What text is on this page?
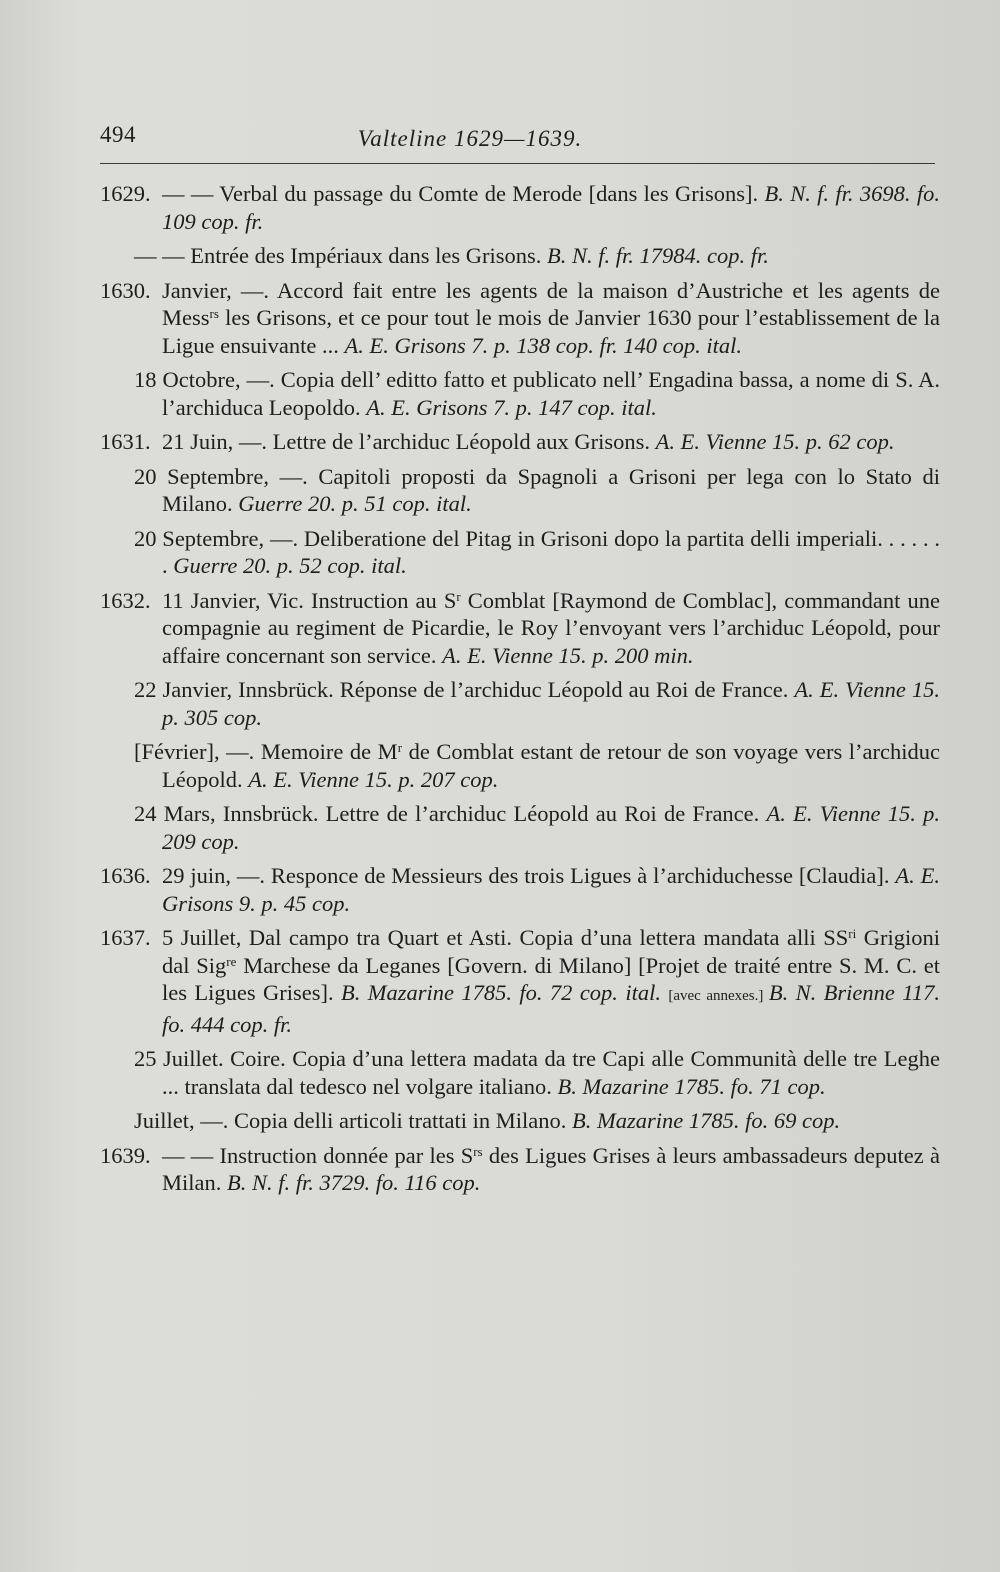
494	Valteline 1629—1639.

1629. — — Verbal du passage du Comte de Merode [dans les Grisons]. B. N. f. fr. 3698. fo. 109 cop. fr.

— — Entrée des Impériaux dans les Grisons. B. N. f. fr. 17984. cop. fr.

1630. Janvier, —. Accord fait entre les agents de la maison d’Austriche et les agents de Mess$^{rs}$ les Grisons, et ce pour tout le mois de Janvier 1630 pour l’establissement de la Ligue ensuivante ... A. E. Grisons 7. p. 138 cop. fr. 140 cop. ital.

18 Octobre, —. Copia dell’ editto fatto et publicato nell’ Engadina bassa, a nome di S. A. l’archiduca Leopoldo. A. E. Grisons 7. p. 147 cop. ital.

1631. 21 Juin, —. Lettre de l’archiduc Léopold aux Grisons. A. E. Vienne 15. p. 62 cop.

20 Septembre, —. Capitoli proposti da Spagnoli a Grisoni per lega con lo Stato di Milano. Guerre 20. p. 51 cop. ital.

20 Septembre, —. Deliberatione del Pitag in Grisoni dopo la partita delli imperiali. . . . . . . Guerre 20. p. 52 cop. ital.

1632. 11 Janvier, Vic. Instruction au $S^r$ Comblat [Raymond de Comblac], commandant une compagnie au regiment de Picardie, le Roy l’envoyant vers l’archiduc Léopold, pour affaire concernant son service. A. E. Vienne 15. p. 200 min.

22 Janvier, Innsbrück. Réponse de l’archiduc Léopold au Roi de France. A. E. Vienne 15. p. 305 cop.

[Février], —. Memoire de $M^r$ de Comblat estant de retour de son voyage vers l’archiduc Léopold. A. E. Vienne 15. p. 207 cop.

24 Mars, Innsbrück. Lettre de l’archiduc Léopold au Roi de France. A. E. Vienne 15. p. 209 cop.

1636. 29 juin, —. Responce de Messieurs des trois Ligues à l’archiduchesse [Claudia]. A. E. Grisons 9. p. 45 cop.

1637. 5 Juillet, Dal campo tra Quart et Asti. Copia d’una lettera mandata alli $SS^{ri}$ Grigioni dal Sig$^{re}$ Marchese da Leganes [Govern. di Milano] [Projet de traité entre S. M. C. et les Ligues Grises]. B. Mazarine 1785. fo. 72 cop. ital. [avec annexes.] B. N. Brienne 117. fo. 444 cop. fr.

25 Juillet. Coire. Copia d’una lettera madata da tre Capi alle Communità delle tre Leghe ... translata dal tedesco nel volgare italiano. B. Mazarine 1785. fo. 71 cop.

Juillet, —. Copia delli articoli trattati in Milano. B. Mazarine 1785. fo. 69 cop.

1639. — — Instruction donnée par les $S^{rs}$ des Ligues Grises à leurs ambassadeurs deputez à Milan. B. N. f. fr. 3729. fo. 116 cop.
